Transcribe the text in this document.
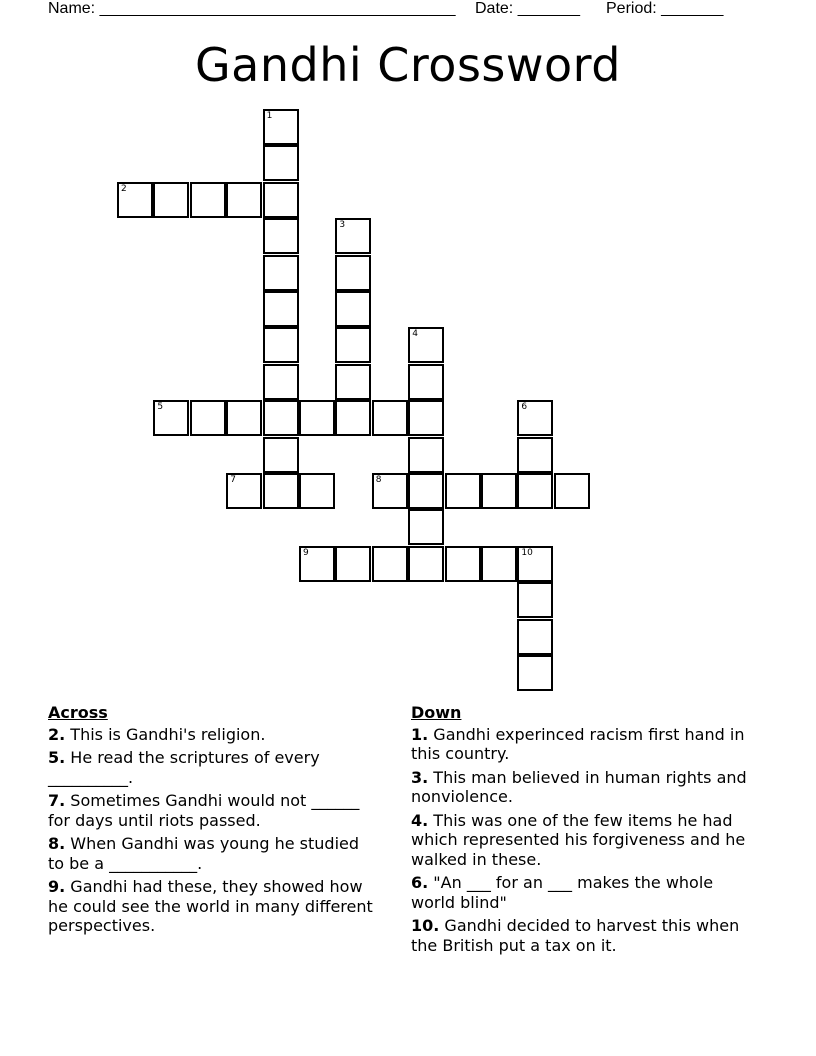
Name: ________________________________________

Date: _______

Period: _______

Gandhi Crossword
1
2
3
4
5	6
7	8
9	10
Across
2. This is Gandhi's religion.
5. He read the scriptures of every __________.
7. Sometimes Gandhi would not ______ for days until riots passed.
8. When Gandhi was young he studied to be a ___________.
9. Gandhi had these, they showed how he could see the world in many different perspectives.
Down
1. Gandhi experinced racism first hand in this country.
3. This man believed in human rights and nonviolence.
4. This was one of the few items he had which represented his forgiveness and he walked in these.
6. "An ___ for an ___ makes the whole world blind"
10. Gandhi decided to harvest this when the British put a tax on it.
